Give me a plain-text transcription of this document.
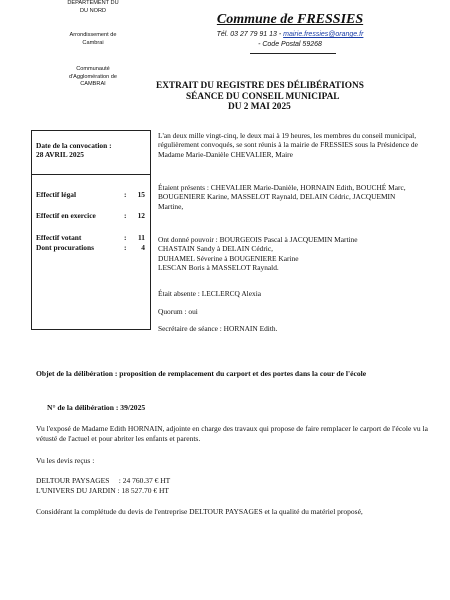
DEPARTEMENT DU
DU NORD
Arrondissement de
Cambrai
Communauté
d'Agglomération de
CAMBRAI
Commune de FRESSIES
Tél. 03 27 79 91 13 - mairie.fressies@orange.fr
- Code Postal 59268
EXTRAIT DU REGISTRE DES DÉLIBÉRATIONS
SÉANCE DU CONSEIL MUNICIPAL
DU 2 MAI 2025
Date de la convocation :
28 AVRIL 2025
Effectif légal	: 15
Effectif en exercice	: 12
Effectif votant	: 11
Dont procurations	: 4
L'an deux mille vingt-cinq, le deux mai à 19 heures, les membres du conseil municipal, régulièrement convoqués, se sont réunis à la mairie de FRESSIES sous la Présidence de Madame Marie-Danièle CHEVALIER, Maire
Étaient présents : CHEVALIER Marie-Danièle, HORNAIN Edith, BOUCHÉ Marc, BOUGENIERE Karine, MASSELOT Raynald, DELAIN Cédric, JACQUEMIN Martine,
Ont donné pouvoir : BOURGEOIS Pascal à JACQUEMIN Martine
CHASTAIN Sandy à DELAIN Cédric,
DUHAMEL Séverine à BOUGENIERE Karine
LESCAN Boris à MASSELOT Raynald.
Était absente : LECLERCQ Alexia
Quorum : oui
Secrétaire de séance : HORNAIN Edith.
Objet de la délibération : proposition de remplacement du carport et des portes dans la cour de l'école
N° de la délibération : 39/2025
Vu l'exposé de Madame Edith HORNAIN, adjointe en charge des travaux qui propose de faire remplacer le carport de l'école vu la vétusté de l'actuel et pour abriter les enfants et parents.
Vu les devis reçus :
DELTOUR PAYSAGES     : 24 760.37 € HT
L'UNIVERS DU JARDIN : 18 527.70 € HT
Considérant la complétude du devis de l'entreprise DELTOUR PAYSAGES et la qualité du matériel proposé,
